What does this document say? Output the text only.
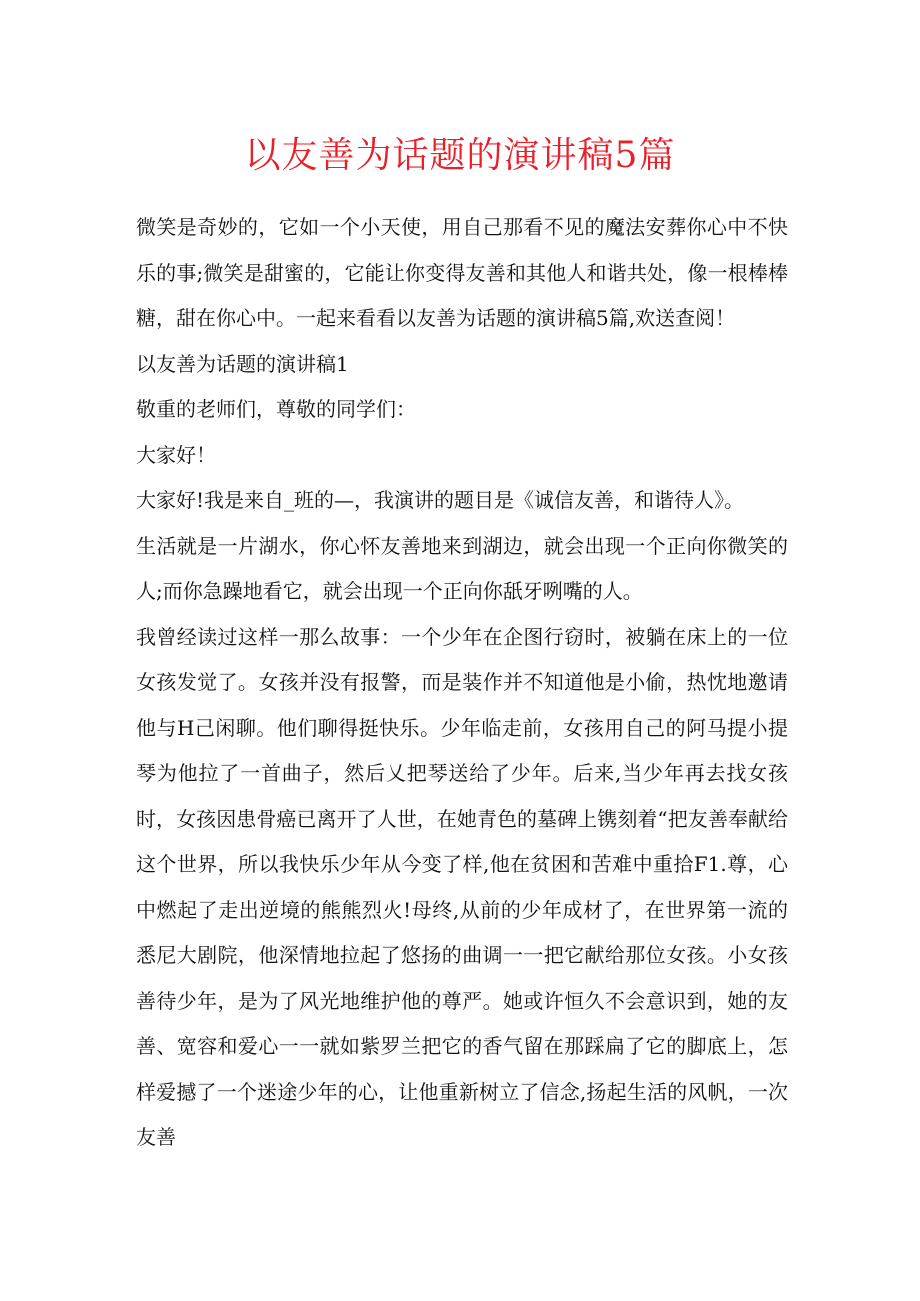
以友善为话题的演讲稿5篇

微笑是奇妙的，它如一个小天使，用自己那看不见的魔法安葬你心中不快乐的事;微笑是甜蜜的，它能让你变得友善和其他人和谐共处，像一根棒棒糖，甜在你心中。一起来看看以友善为话题的演讲稿5篇,欢送查阅！

以友善为话题的演讲稿1

敬重的老师们，尊敬的同学们：

大家好！

大家好!我是来自_班的—，我演讲的题目是《诚信友善，和谐待人》。

生活就是一片湖水，你心怀友善地来到湖边，就会出现一个正向你微笑的人;而你急躁地看它，就会出现一个正向你舐牙咧嘴的人。

我曾经读过这样一那么故事：一个少年在企图行窃时，被躺在床上的一位女孩发觉了。女孩并没有报警，而是装作并不知道他是小偷，热忱地邀请他与H己闲聊。他们聊得挺快乐。少年临走前，女孩用自己的阿马提小提琴为他拉了一首曲子，然后乂把琴送给了少年。后来,当少年再去找女孩时，女孩因患骨癌已离开了人世，在她青色的墓碑上镌刻着“把友善奉献给这个世界，所以我快乐少年从今变了样,他在贫困和苦难中重拾F1.尊，心中燃起了走出逆境的熊熊烈火!母终,从前的少年成材了，在世界第一流的悉尼大剧院，他深情地拉起了悠扬的曲调一一把它献给那位女孩。小女孩善待少年，是为了风光地维护他的尊严。她或许恒久不会意识到，她的友善、宽容和爱心一一就如紫罗兰把它的香气留在那踩扁了它的脚底上，怎样爱撼了一个迷途少年的心，让他重新树立了信念,扬起生活的风帆，一次友善
